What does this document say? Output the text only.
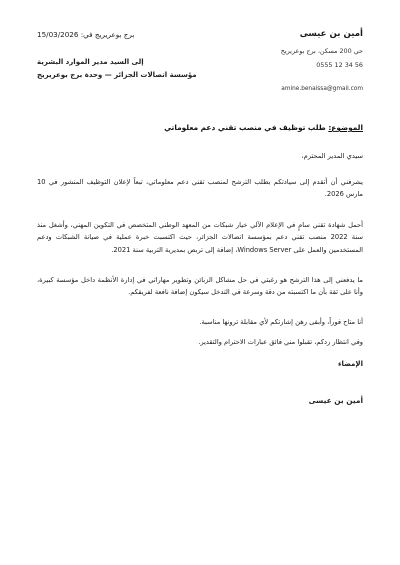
أمين بن عيسى
حي 200 مسكن، برج بوعريريج
0555 12 34 56
amine.benaissa@gmail.com
برج بوعريريج في: 15/03/2026
إلى السيد مدير الموارد البشرية
مؤسسة اتصالات الجزائر — وحدة برج بوعريريج
الموضوع: طلب توظيف في منصب تقني دعم معلوماتي
سيدي المدير المحترم،
يشرفني أن أتقدم إلى سيادتكم بطلب الترشح لمنصب تقني دعم معلوماتي، تبعاً لإعلان التوظيف المنشور في 10 مارس 2026.
أحمل شهادة تقني سامٍ في الإعلام الآلي خيار شبكات من المعهد الوطني المتخصص في التكوين المهني، وأشغل منذ سنة 2022 منصب تقني دعم بمؤسسة اتصالات الجزائر، حيث اكتسبت خبرة عملية في صيانة الشبكات ودعم المستخدمين والعمل على Windows Server، إضافة إلى تربص بمديرية التربية سنة 2021.
ما يدفعني إلى هذا الترشح هو رغبتي في حل مشاكل الزبائن وتطوير مهاراتي في إدارة الأنظمة داخل مؤسسة كبيرة، وأنا على ثقة بأن ما اكتسبته من دقة وسرعة في التدخل سيكون إضافة نافعة لفريقكم.
أنا متاح فوراً، وأبقى رهن إشارتكم لأي مقابلة ترونها مناسبة.
وفي انتظار ردكم، تقبلوا مني فائق عبارات الاحترام والتقدير.
الإمضاء
أمين بن عيسى
